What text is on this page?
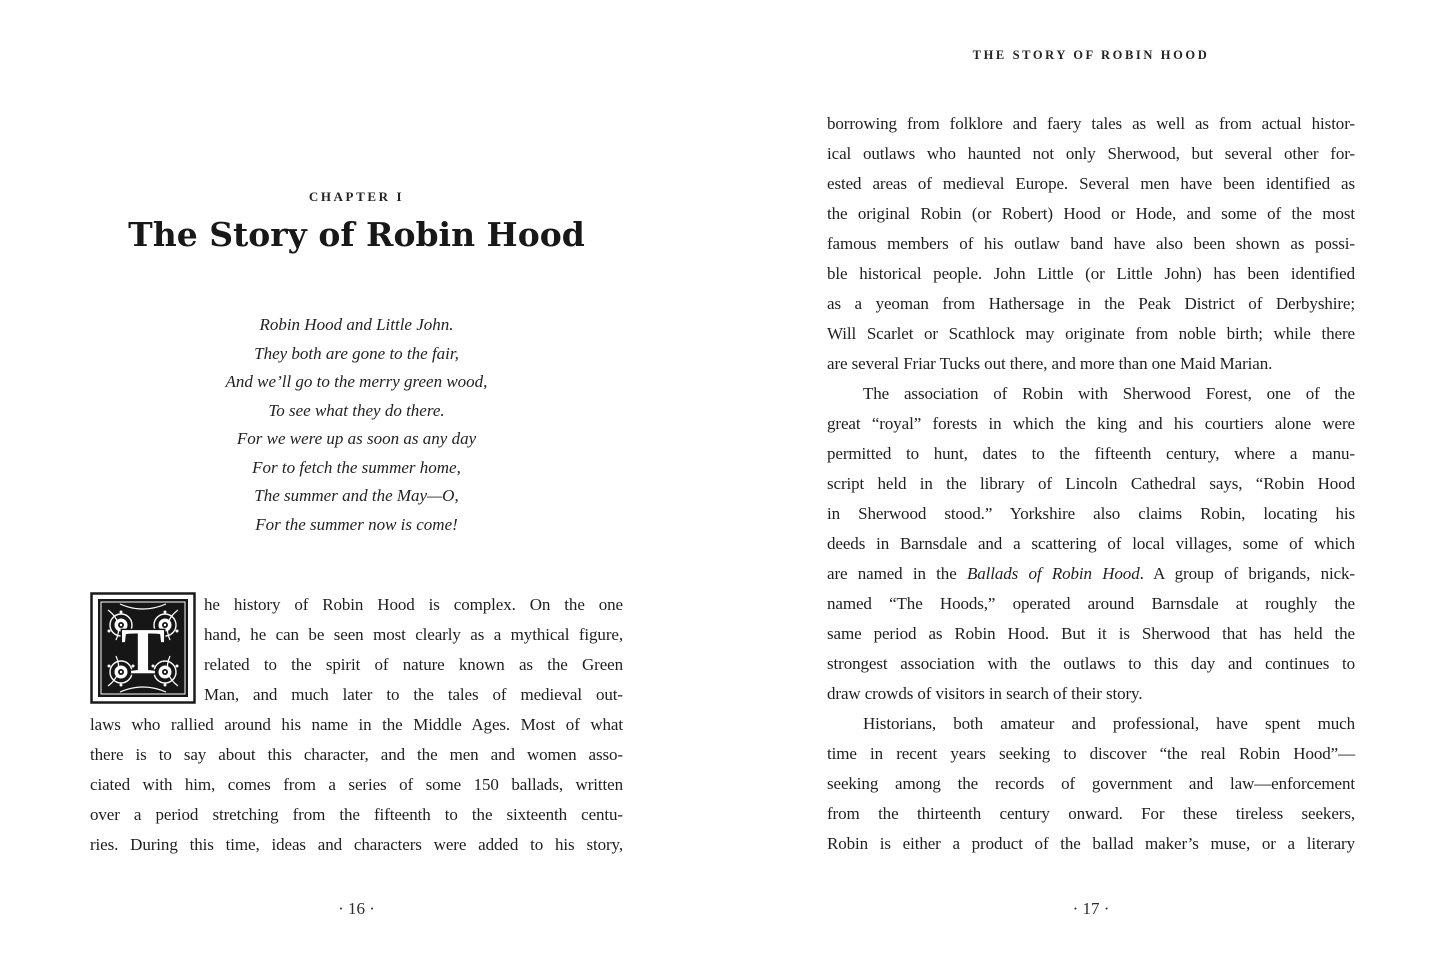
CHAPTER I
The Story of Robin Hood
Robin Hood and Little John.
They both are gone to the fair,
And we’ll go to the merry green wood,
To see what they do there.
For we were up as soon as any day
For to fetch the summer home,
The summer and the May—O,
For the summer now is come!
T
he history of Robin Hood is complex. On the one
hand, he can be seen most clearly as a mythical figure,
related to the spirit of nature known as the Green
Man, and much later to the tales of medieval out-
laws who rallied around his name in the Middle Ages. Most of what
there is to say about this character, and the men and women asso-
ciated with him, comes from a series of some 150 ballads, written
over a period stretching from the fifteenth to the sixteenth centu-
ries. During this time, ideas and characters were added to his story,
· 16 ·
THE STORY OF ROBIN HOOD
borrowing from folklore and faery tales as well as from actual histor-
ical outlaws who haunted not only Sherwood, but several other for-
ested areas of medieval Europe. Several men have been identified as
the original Robin (or Robert) Hood or Hode, and some of the most
famous members of his outlaw band have also been shown as possi-
ble historical people. John Little (or Little John) has been identified
as a yeoman from Hathersage in the Peak District of Derbyshire;
Will Scarlet or Scathlock may originate from noble birth; while there
are several Friar Tucks out there, and more than one Maid Marian.
The association of Robin with Sherwood Forest, one of the
great “royal” forests in which the king and his courtiers alone were
permitted to hunt, dates to the fifteenth century, where a manu-
script held in the library of Lincoln Cathedral says, “Robin Hood
in Sherwood stood.” Yorkshire also claims Robin, locating his
deeds in Barnsdale and a scattering of local villages, some of which
are named in the Ballads of Robin Hood. A group of brigands, nick-
named “The Hoods,” operated around Barnsdale at roughly the
same period as Robin Hood. But it is Sherwood that has held the
strongest association with the outlaws to this day and continues to
draw crowds of visitors in search of their story.
Historians, both amateur and professional, have spent much
time in recent years seeking to discover “the real Robin Hood”—
seeking among the records of government and law—enforcement
from the thirteenth century onward. For these tireless seekers,
Robin is either a product of the ballad maker’s muse, or a literary
· 17 ·
